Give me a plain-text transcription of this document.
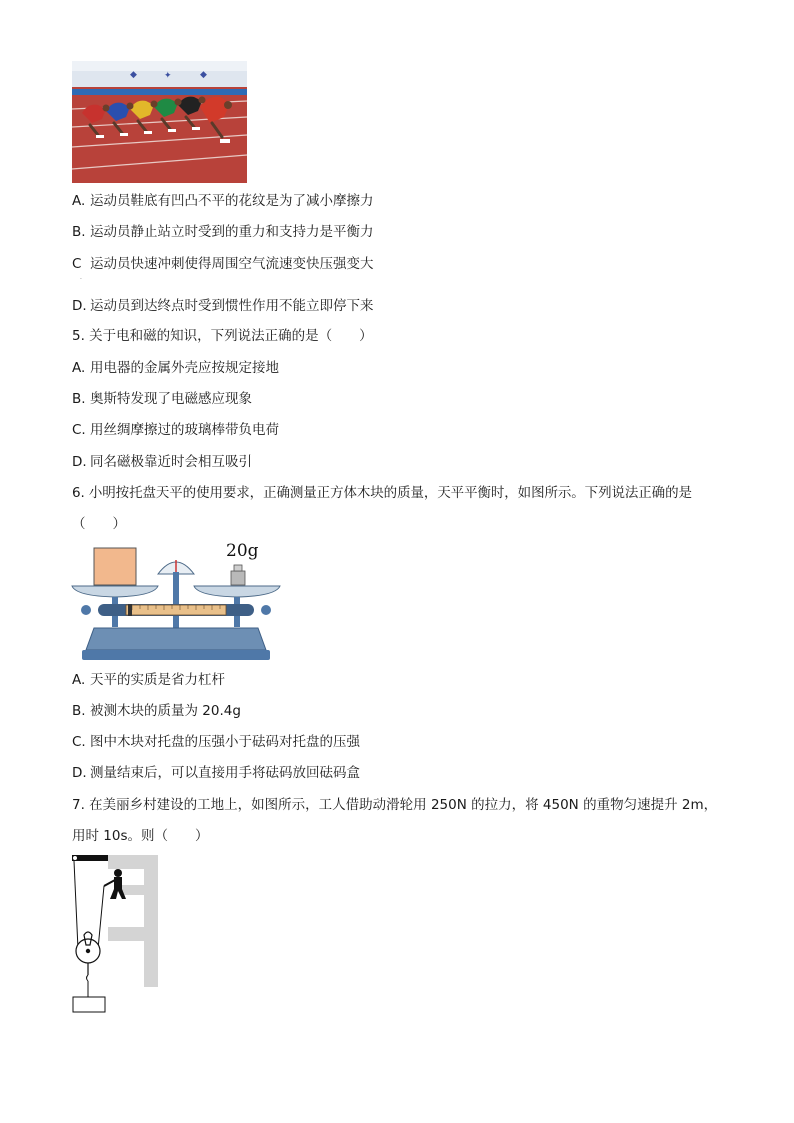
◆	✦	◆
A. 运动员鞋底有凹凸不平的花纹是为了减小摩擦力
B. 运动员静止站立时受到的重力和支持力是平衡力
C 运动员快速冲刺使得周围空气流速变快压强变大
·
D. 运动员到达终点时受到惯性作用不能立即停下来
5. 关于电和磁的知识，下列说法正确的是（　　）
A. 用电器的金属外壳应按规定接地
B. 奥斯特发现了电磁感应现象
C. 用丝绸摩擦过的玻璃棒带负电荷
D. 同名磁极靠近时会相互吸引
6. 小明按托盘天平的使用要求，正确测量正方体木块的质量，天平平衡时，如图所示。下列说法正确的是
（　　）
20g
A. 天平的实质是省力杠杆
B. 被测木块的质量为 20.4g
C. 图中木块对托盘的压强小于砝码对托盘的压强
D. 测量结束后，可以直接用手将砝码放回砝码盒
7. 在美丽乡村建设的工地上，如图所示，工人借助动滑轮用 250N 的拉力，将 450N 的重物匀速提升 2m，
用时 10s。则（　　）
